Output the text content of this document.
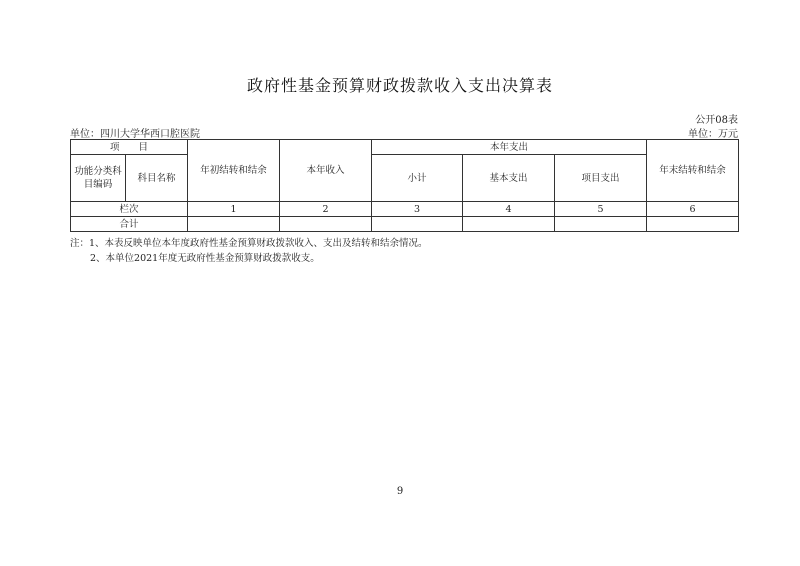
政府性基金预算财政拨款收入支出决算表
公开08表
单位：四川大学华西口腔医院	单位：万元
项　　目		年初结转和结余	本年收入	本年支出			年末结转和结余
功能分类科目编码	科目名称			小计	基本支出	项目支出	
栏次		1	2	3	4	5	6
合计							
注：1、本表反映单位本年度政府性基金预算财政拨款收入、支出及结转和结余情况。
2、本单位2021年度无政府性基金预算财政拨款收支。
9
